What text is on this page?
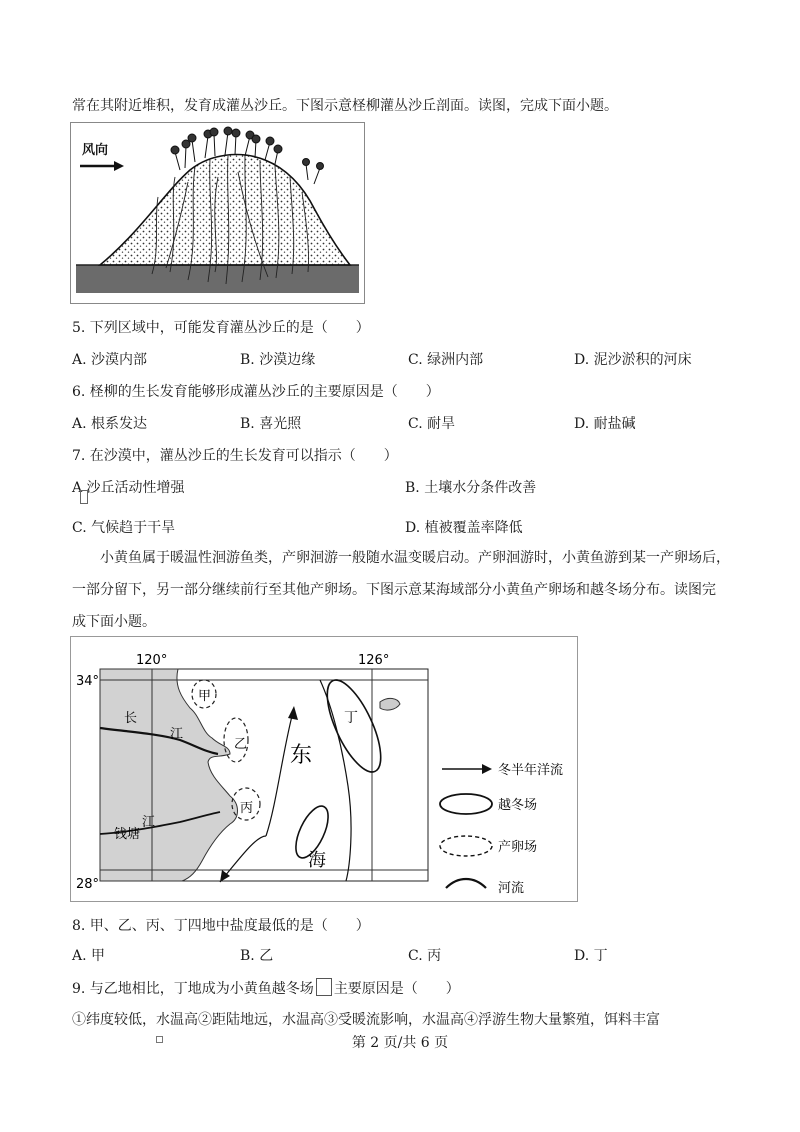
常在其附近堆积，发育成灌丛沙丘。下图示意柽柳灌丛沙丘剖面。读图，完成下面小题。
风向
5. 下列区域中，可能发育灌丛沙丘的是（　　）
A. 沙漠内部	B. 沙漠边缘	C. 绿洲内部	D. 泥沙淤积的河床
6. 柽柳的生长发育能够形成灌丛沙丘的主要原因是（　　）
A. 根系发达	B. 喜光照	C. 耐旱	D. 耐盐碱
7. 在沙漠中，灌丛沙丘的生长发育可以指示（　　）
A 沙丘活动性增强	B. 土壤水分条件改善
C. 气候趋于干旱	D. 植被覆盖率降低
小黄鱼属于暖温性洄游鱼类，产卵洄游一般随水温变暖启动。产卵洄游时，小黄鱼游到某一产卵场后，
一部分留下，另一部分继续前行至其他产卵场。下图示意某海域部分小黄鱼产卵场和越冬场分布。读图完
成下面小题。
120°	126°
34°
28°
长
江
钱塘
江
甲
乙
丙
丁
东
海
冬半年洋流
越冬场
产卵场
河流
8. 甲、乙、丙、丁四地中盐度最低的是（　　）
A. 甲	B. 乙	C. 丙	D. 丁
9. 与乙地相比，丁地成为小黄鱼越冬场 主要原因是（　　）
①纬度较低，水温高②距陆地远，水温高③受暖流影响，水温高④浮游生物大量繁殖，饵料丰富
第 2 页/共 6 页
